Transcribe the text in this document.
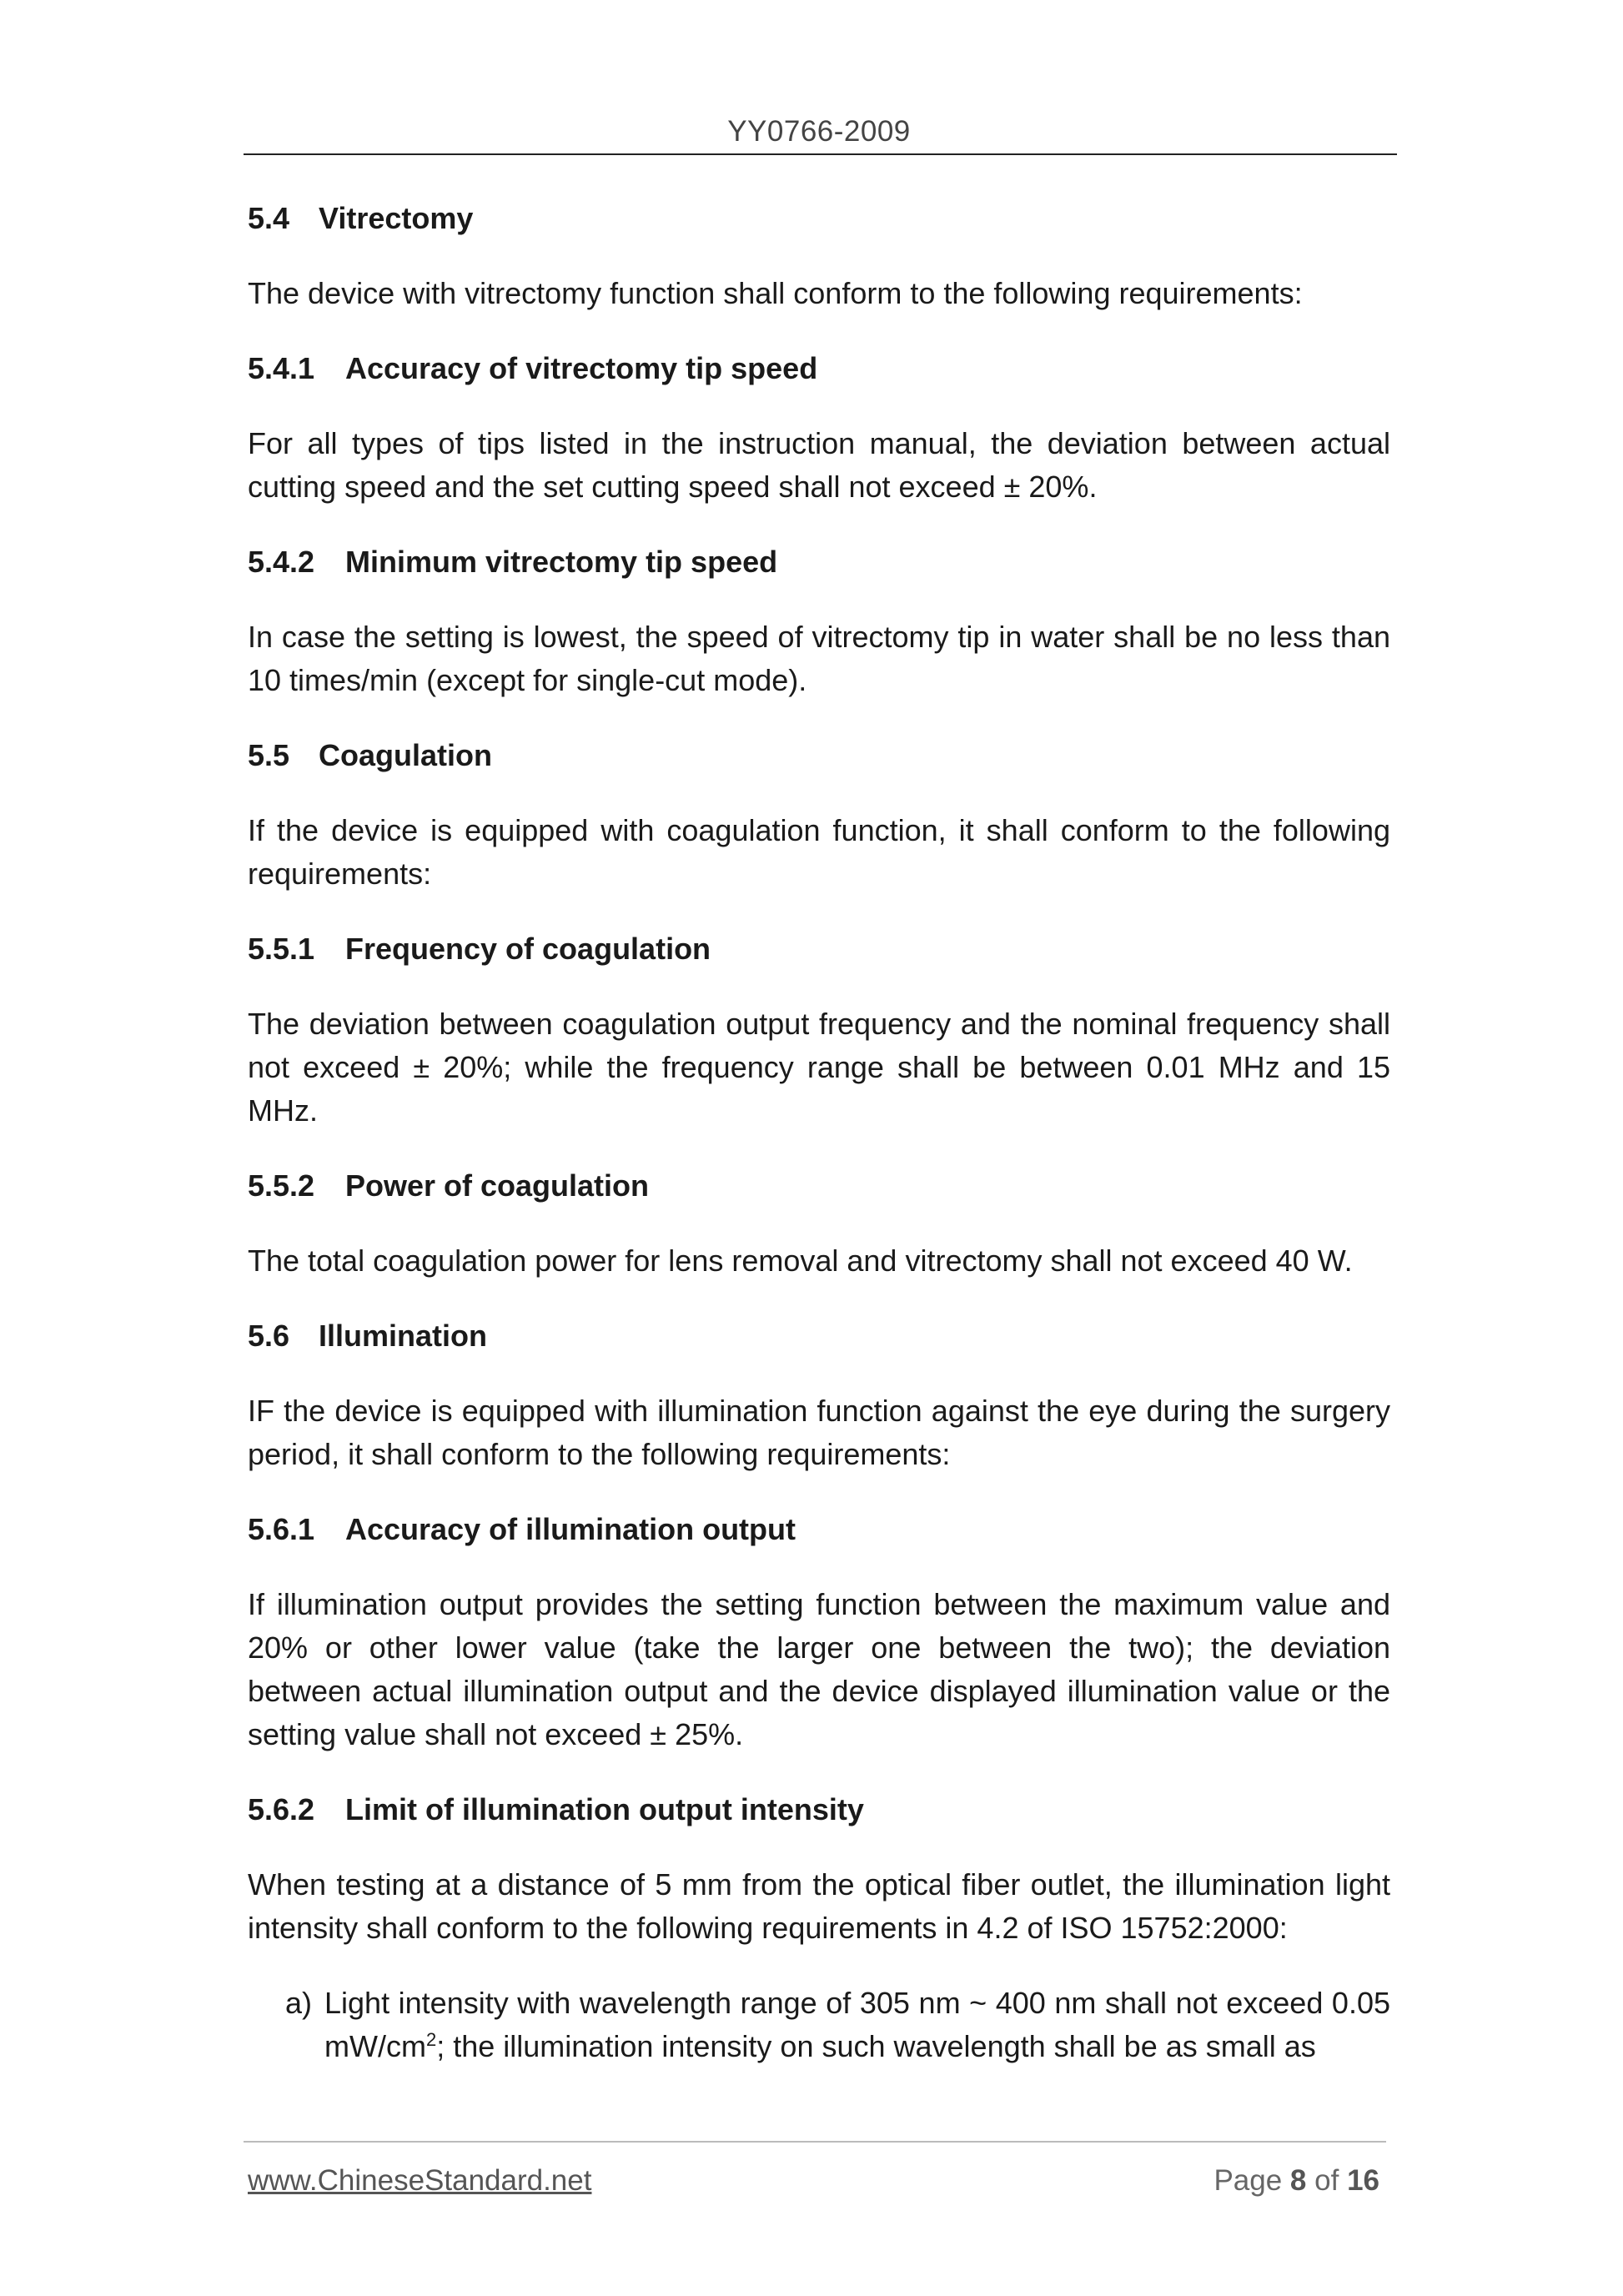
YY0766-2009

5.4 Vitrectomy

The device with vitrectomy function shall conform to the following requirements:

5.4.1 Accuracy of vitrectomy tip speed

For all types of tips listed in the instruction manual, the deviation between actual cutting speed and the set cutting speed shall not exceed ± 20%.

5.4.2 Minimum vitrectomy tip speed

In case the setting is lowest, the speed of vitrectomy tip in water shall be no less than 10 times/min (except for single-cut mode).

5.5 Coagulation

If the device is equipped with coagulation function, it shall conform to the following requirements:

5.5.1 Frequency of coagulation

The deviation between coagulation output frequency and the nominal frequency shall not exceed ± 20%; while the frequency range shall be between 0.01 MHz and 15 MHz.

5.5.2 Power of coagulation

The total coagulation power for lens removal and vitrectomy shall not exceed 40 W.

5.6 Illumination

IF the device is equipped with illumination function against the eye during the surgery period, it shall conform to the following requirements:

5.6.1 Accuracy of illumination output

If illumination output provides the setting function between the maximum value and 20% or other lower value (take the larger one between the two); the deviation between actual illumination output and the device displayed illumination value or the setting value shall not exceed ± 25%.

5.6.2 Limit of illumination output intensity

When testing at a distance of 5 mm from the optical fiber outlet, the illumination light intensity shall conform to the following requirements in 4.2 of ISO 15752:2000:

a) Light intensity with wavelength range of 305 nm ~ 400 nm shall not exceed 0.05 $mW/cm^2$; the illumination intensity on such wavelength shall be as small as

www.ChineseStandard.net	Page 8 of 16
